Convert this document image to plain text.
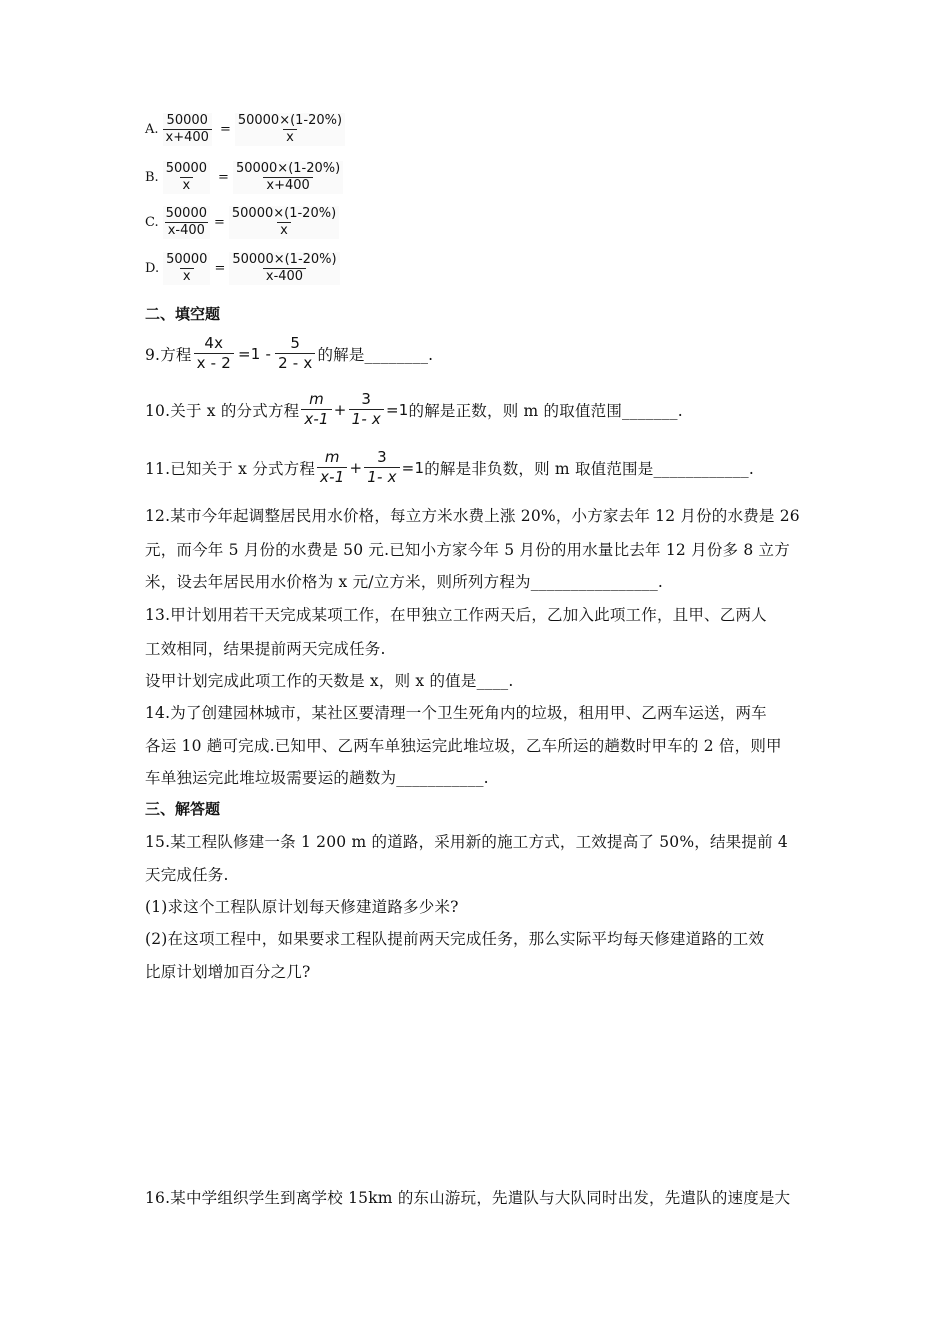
A. $\frac{50000}{x+400} = \frac{50000\times(1-20\%)}{x}$
B. $\frac{50000}{x} = \frac{50000\times(1-20\%)}{x+400}$
C. $\frac{50000}{x-400} = \frac{50000\times(1-20\%)}{x}$
D. $\frac{50000}{x} = \frac{50000\times(1-20\%)}{x-400}$
二、填空题
9.方程 $\frac{4x}{x - 2} =1 - \frac{5}{2 - x}$ 的解是________.
10.关于 x 的分式方程 $\frac{m}{x-1} + \frac{3}{1- x} =1$ 的解是正数，则 m 的取值范围_______.
11.已知关于 x 分式方程 $\frac{m}{x-1} + \frac{3}{1- x} =1$ 的解是非负数，则 m 取值范围是____________.
12.某市今年起调整居民用水价格，每立方米水费上涨 20%，小方家去年 12 月份的水费是 26
元，而今年 5 月份的水费是 50 元.已知小方家今年 5 月份的用水量比去年 12 月份多 8 立方
米，设去年居民用水价格为 x 元/立方米，则所列方程为________________.
13.甲计划用若干天完成某项工作，在甲独立工作两天后，乙加入此项工作，且甲、乙两人
工效相同，结果提前两天完成任务.
设甲计划完成此项工作的天数是 x，则 x 的值是____.
14.为了创建园林城市，某社区要清理一个卫生死角内的垃圾，租用甲、乙两车运送，两车
各运 10 趟可完成.已知甲、乙两车单独运完此堆垃圾，乙车所运的趟数时甲车的 2 倍，则甲
车单独运完此堆垃圾需要运的趟数为___________.
三、解答题
15.某工程队修建一条 1 200 m 的道路，采用新的施工方式，工效提高了 50%，结果提前 4
天完成任务.
(1)求这个工程队原计划每天修建道路多少米?
(2)在这项工程中，如果要求工程队提前两天完成任务，那么实际平均每天修建道路的工效
比原计划增加百分之几?
16.某中学组织学生到离学校 15km 的东山游玩，先遣队与大队同时出发，先遣队的速度是大
